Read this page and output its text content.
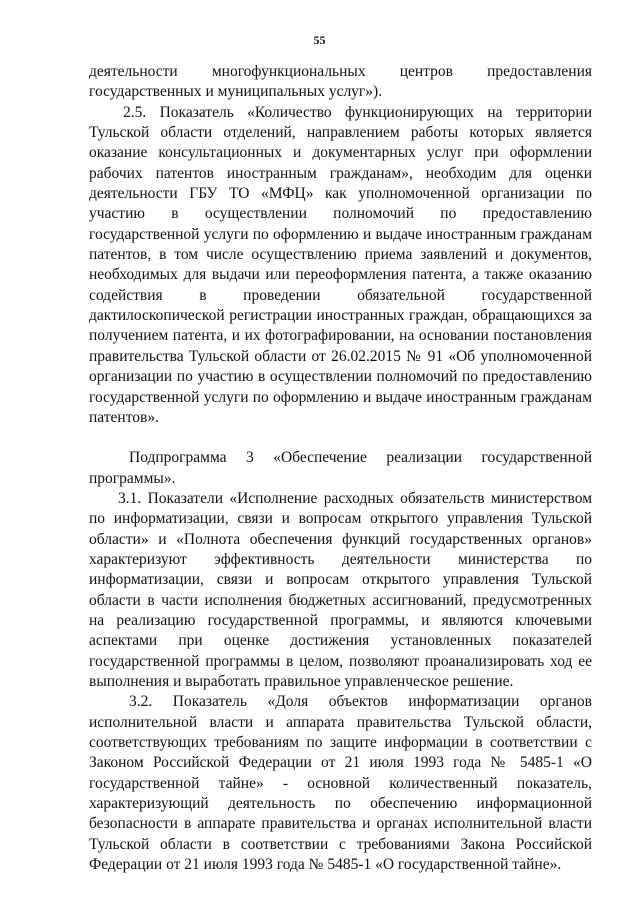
55

деятельности многофункциональных центров предоставления государственных и муниципальных услуг»).

2.5. Показатель «Количество функционирующих на территории Тульской области отделений, направлением работы которых является оказание консультационных и документарных услуг при оформлении рабочих патентов иностранным гражданам», необходим для оценки деятельности ГБУ ТО «МФЦ» как уполномоченной организации по участию в осуществлении полномочий по предоставлению государственной услуги по оформлению и выдаче иностранным гражданам патентов, в том числе осуществлению приема заявлений и документов, необходимых для выдачи или переоформления патента, а также оказанию содействия в проведении обязательной государственной дактилоскопической регистрации иностранных граждан, обращающихся за получением патента, и их фотографировании, на основании постановления правительства Тульской области от 26.02.2015 № 91 «Об уполномоченной организации по участию в осуществлении полномочий по предоставлению государственной услуги по оформлению и выдаче иностранным гражданам патентов».

Подпрограмма 3 «Обеспечение реализации государственной программы».

3.1. Показатели «Исполнение расходных обязательств министерством по информатизации, связи и вопросам открытого управления Тульской области» и «Полнота обеспечения функций государственных органов» характеризуют эффективность деятельности министерства по информатизации, связи и вопросам открытого управления Тульской области в части исполнения бюджетных ассигнований, предусмотренных на реализацию государственной программы, и являются ключевыми аспектами при оценке достижения установленных показателей государственной программы в целом, позволяют проанализировать ход ее выполнения и выработать правильное управленческое решение.

3.2. Показатель «Доля объектов информатизации органов исполнительной власти и аппарата правительства Тульской области, соответствующих требованиям по защите информации в соответствии с Законом Российской Федерации от 21 июля 1993 года № 5485-1 «О государственной тайне» - основной количественный показатель, характеризующий деятельность по обеспечению информационной безопасности в аппарате правительства и органах исполнительной власти Тульской области в соответствии с требованиями Закона Российской Федерации от 21 июля 1993 года № 5485-1 «О государственной тайне».
